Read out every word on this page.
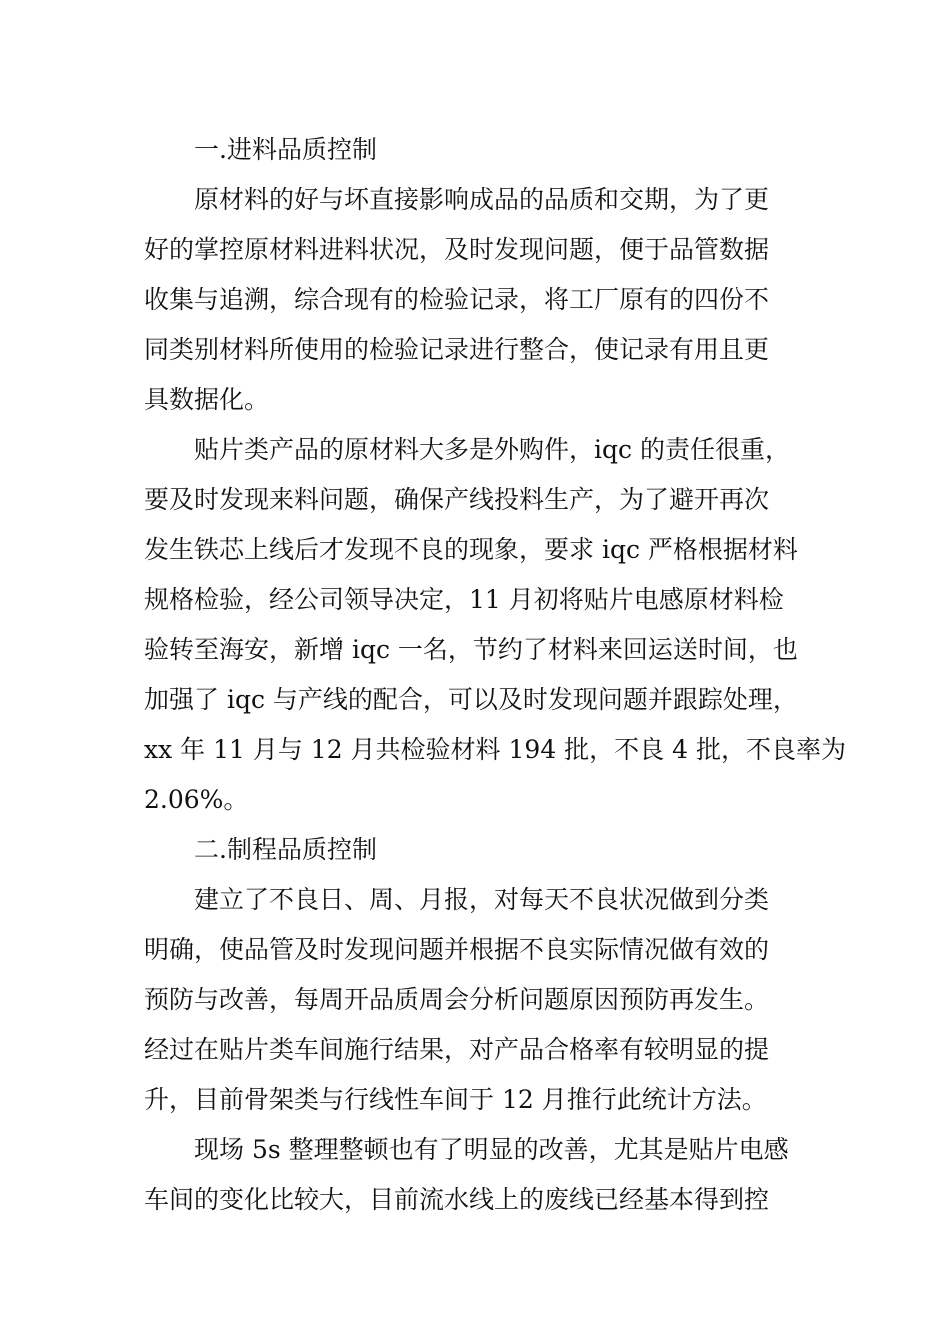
一.进料品质控制
原材料的好与坏直接影响成品的品质和交期，为了更
好的掌控原材料进料状况，及时发现问题，便于品管数据
收集与追溯，综合现有的检验记录，将工厂原有的四份不
同类别材料所使用的检验记录进行整合，使记录有用且更
具数据化。
贴片类产品的原材料大多是外购件，iqc 的责任很重，
要及时发现来料问题，确保产线投料生产，为了避开再次
发生铁芯上线后才发现不良的现象，要求 iqc 严格根据材料
规格检验，经公司领导决定，11 月初将贴片电感原材料检
验转至海安，新增 iqc 一名，节约了材料来回运送时间，也
加强了 iqc 与产线的配合，可以及时发现问题并跟踪处理，
xx 年 11 月与 12 月共检验材料 194 批，不良 4 批，不良率为
2.06%。
二.制程品质控制
建立了不良日、周、月报，对每天不良状况做到分类
明确，使品管及时发现问题并根据不良实际情况做有效的
预防与改善，每周开品质周会分析问题原因预防再发生。
经过在贴片类车间施行结果，对产品合格率有较明显的提
升，目前骨架类与行线性车间于 12 月推行此统计方法。
现场 5s 整理整顿也有了明显的改善，尤其是贴片电感
车间的变化比较大，目前流水线上的废线已经基本得到控
